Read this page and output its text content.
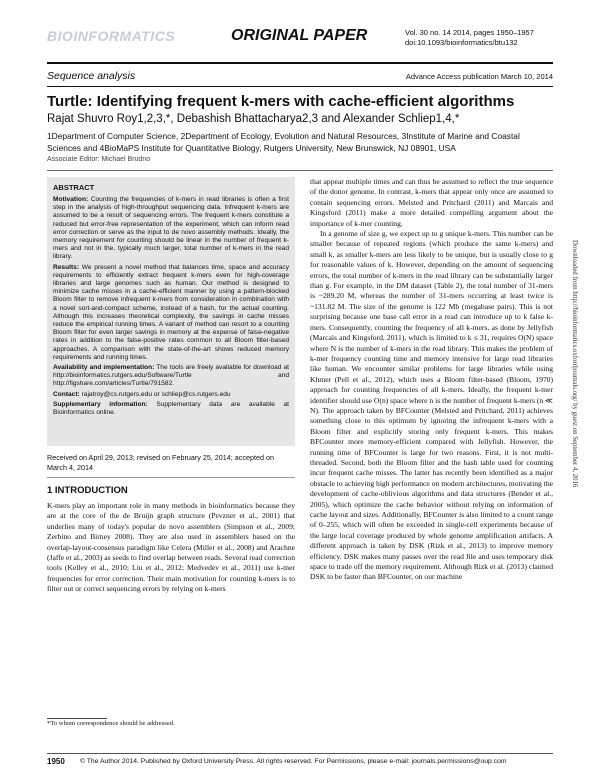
BIOINFORMATICS	ORIGINAL PAPER	Vol. 30 no. 14 2014, pages 1950–1957
doi:10.1093/bioinformatics/btu132
Sequence analysis	Advance Access publication March 10, 2014
Turtle: Identifying frequent k-mers with cache-efficient algorithms
Rajat Shuvro Roy1,2,3,*, Debashish Bhattacharya2,3 and Alexander Schliep1,4,*
1Department of Computer Science, 2Department of Ecology, Evolution and Natural Resources, 3Institute of Marine and Coastal Sciences and 4BioMaPS Institute for Quantitative Biology, Rutgers University, New Brunswick, NJ 08901, USA
Associate Editor: Michael Brudno
ABSTRACT

Motivation: Counting the frequencies of k-mers in read libraries is often a first step in the analysis of high-throughput sequencing data. Infrequent k-mers are assumed to be a result of sequencing errors. The frequent k-mers constitute a reduced but error-free representation of the experiment, which can inform read error correction or serve as the input to de novo assembly methods. Ideally, the memory requirement for counting should be linear in the number of frequent k-mers and not in the, typically much larger, total number of k-mers in the read library.

Results: We present a novel method that balances time, space and accuracy requirements to efficiently extract frequent k-mers even for high-coverage libraries and large genomes such as human. Our method is designed to minimize cache misses in a cache-efficient manner by using a pattern-blocked Bloom filter to remove infrequent k-mers from consideration in combination with a novel sort-and-compact scheme, instead of a hash, for the actual counting. Although this increases theoretical complexity, the savings in cache misses reduce the empirical running times. A variant of method can resort to a counting Bloom filter for even larger savings in memory at the expense of false-negative rates in addition to the false-positive rates common to all Bloom filter-based approaches. A comparison with the state-of-the-art shows reduced memory requirements and running times.

Availability and implementation: The tools are freely available for download at http://bioinformatics.rutgers.edu/Software/Turtle and http://figshare.com/articles/Turtle/791582.

Contact: rajatroy@cs.rutgers.edu or schliep@cs.rutgers.edu

Supplementary information: Supplementary data are available at Bioinformatics online.

Received on April 29, 2013; revised on February 25, 2014; accepted on March 4, 2014
1 INTRODUCTION

K-mers play an important role in many methods in bioinformatics because they are at the core of the de Bruijn graph structure (Pevzner et al., 2001) that underlies many of today's popular de novo assemblers (Simpson et al., 2009; Zerbino and Birney 2008). They are also used in assemblers based on the overlap-layout-consensus paradigm like Celera (Miller et al., 2008) and Arachne (Jaffe et al., 2003) as seeds to find overlap between reads. Several read correction tools (Kelley et al., 2010; Liu et al., 2012; Medvedev et al., 2011) use k-mer frequencies for error correction. Their main motivation for counting k-mers is to filter out or correct sequencing errors by relying on k-mers

*To whom correspondence should be addressed.

that appear multiple times and can thus be assumed to reflect the true sequence of the donor genome. In contrast, k-mers that appear only once are assumed to contain sequencing errors. Melsted and Pritchard (2011) and Marcais and Kingsford (2011) make a more detailed compelling argument about the importance of k-mer counting.

In a genome of size g, we expect up to g unique k-mers. This number can be smaller because of repeated regions (which produce the same k-mers) and small k, as smaller k-mers are less likely to be unique, but is usually close to g for reasonable values of k. However, depending on the amount of sequencing errors, the total number of k-mers in the read library can be substantially larger than g. For example, in the DM dataset (Table 2), the total number of 31-mers is ~289.20 M, whereas the number of 31-mers occurring at least twice is ~131.82 M. The size of the genome is 122 Mb (megabase pairs). This is not surprising because one base call error in a read can introduce up to k false k-mers. Consequently, counting the frequency of all k-mers, as done by Jellyfish (Marcais and Kingsford, 2011), which is limited to k ≤ 31, requires O(N) space where N is the number of k-mers in the read library. This makes the problem of k-mer frequency counting time and memory intensive for large read libraries like human. We encounter similar problems for large libraries while using Khmer (Pell et al., 2012), which uses a Bloom filter-based (Bloom, 1970) approach for counting frequencies of all k-mers. Ideally, the frequent k-mer identifier should use O(n) space where n is the number of frequent k-mers (n ≪ N). The approach taken by BFCounter (Melsted and Pritchard, 2011) achieves something close to this optimum by ignoring the infrequent k-mers with a Bloom filter and explicitly storing only frequent k-mers. This makes BFCounter more memory-efficient compared with Jellyfish. However, the running time of BFCounter is large for two reasons. First, it is not multi-threaded. Second, both the Bloom filter and the hash table used for counting incur frequent cache misses. The latter has recently been identified as a major obstacle to achieving high performance on modern architectures, motivating the development of cache-oblivious algorithms and data structures (Bender et al., 2005), which optimize the cache behavior without relying on information of cache layout and sizes. Additionally, BFCounter is also limited to a count range of 0–255, which will often be exceeded in single-cell experiments because of the large local coverage produced by whole genome amplification artifacts. A different approach is taken by DSK (Rizk et al., 2013) to improve memory efficiency. DSK makes many passes over the read file and uses temporary disk space to trade off the memory requirement. Although Rizk et al. (2013) claimed DSK to be faster than BFCounter, on our machine

Downloaded from http://bioinformatics.oxfordjournals.org/ by guest on September 4, 2016
1950 © The Author 2014. Published by Oxford University Press. All rights reserved. For Permissions, please e-mail: journals.permissions@oup.com
